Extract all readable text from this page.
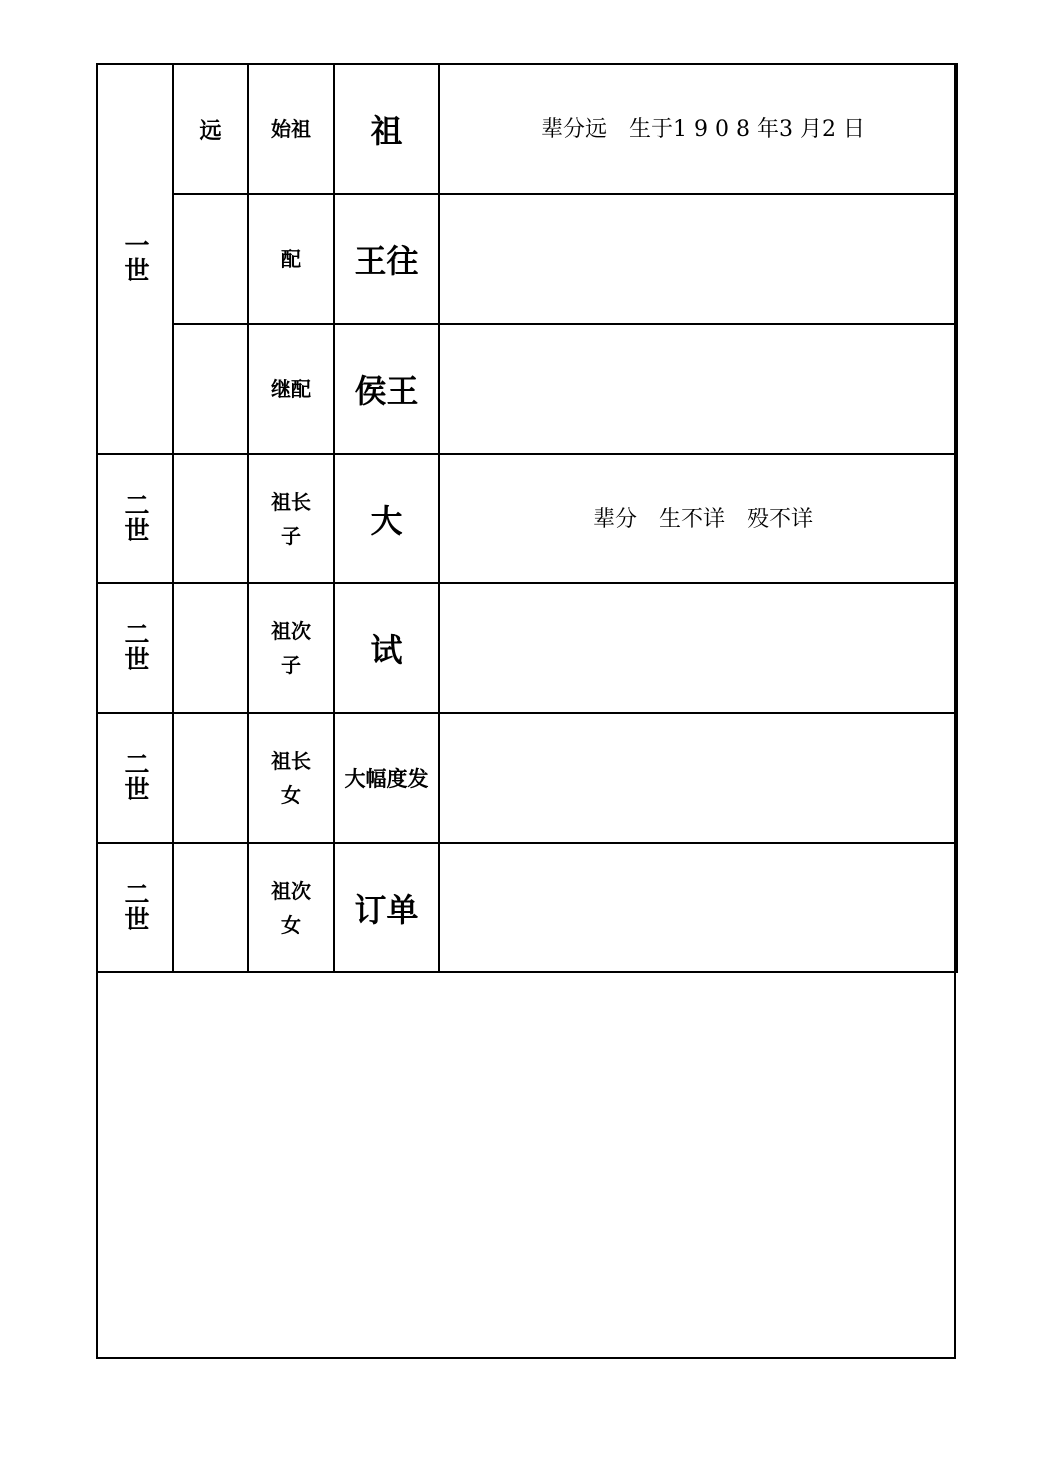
一世	远	始祖	祖	辈分远　生于1 9 0 8 年3 月2 日

		配	王往	

		继配	侯王	

二世		祖长子	大	辈分　生不详　殁不详

二世		祖次子	试	

二世		祖长女	大幅度发	

二世		祖次女	订单	
